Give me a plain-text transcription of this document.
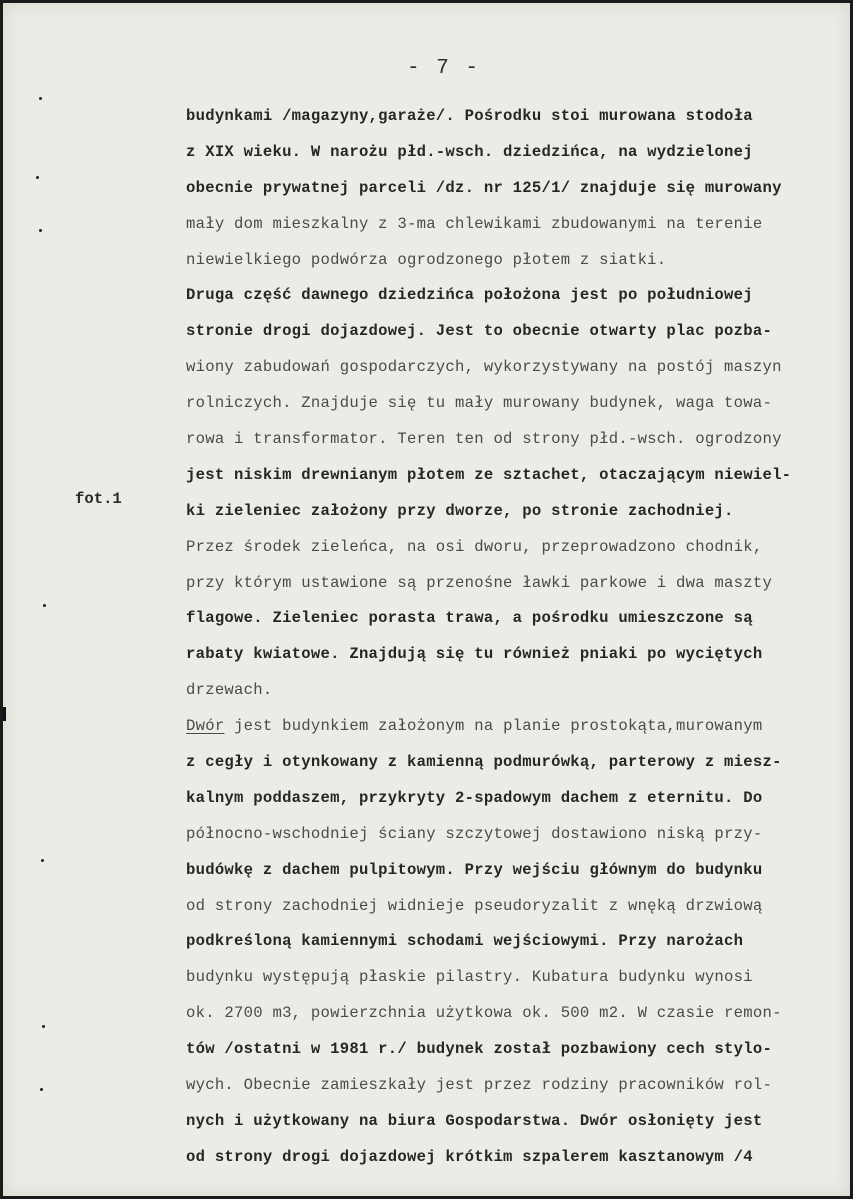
- 7 -
fot.1
budynkami /magazyny,garaże/. Pośrodku stoi murowana stodoła
z XIX wieku. W narożu płd.-wsch. dziedzińca, na wydzielonej
obecnie prywatnej parceli /dz. nr 125/1/ znajduje się murowany
mały dom mieszkalny z 3-ma chlewikami zbudowanymi na terenie
niewielkiego podwórza ogrodzonego płotem z siatki.
Druga część dawnego dziedzińca położona jest po południowej
stronie drogi dojazdowej. Jest to obecnie otwarty plac pozba-
wiony zabudowań gospodarczych, wykorzystywany na postój maszyn
rolniczych. Znajduje się tu mały murowany budynek, waga towa-
rowa i transformator. Teren ten od strony płd.-wsch. ogrodzony
jest niskim drewnianym płotem ze sztachet, otaczającym niewiel-
ki zieleniec założony przy dworze, po stronie zachodniej.
Przez środek zieleńca, na osi dworu, przeprowadzono chodnik,
przy którym ustawione są przenośne ławki parkowe i dwa maszty
flagowe. Zieleniec porasta trawa, a pośrodku umieszczone są
rabaty kwiatowe. Znajdują się tu również pniaki po wyciętych
drzewach.
Dwór jest budynkiem założonym na planie prostokąta,murowanym
z cegły i otynkowany z kamienną podmurówką, parterowy z miesz-
kalnym poddaszem, przykryty 2-spadowym dachem z eternitu. Do
północno-wschodniej ściany szczytowej dostawiono niską przy-
budówkę z dachem pulpitowym. Przy wejściu głównym do budynku
od strony zachodniej widnieje pseudoryzalit z wnęką drzwiową
podkreśloną kamiennymi schodami wejściowymi. Przy narożach
budynku występują płaskie pilastry. Kubatura budynku wynosi
ok. 2700 m3, powierzchnia użytkowa ok. 500 m2. W czasie remon-
tów /ostatni w 1981 r./ budynek został pozbawiony cech stylo-
wych. Obecnie zamieszkały jest przez rodziny pracowników rol-
nych i użytkowany na biura Gospodarstwa. Dwór osłonięty jest
od strony drogi dojazdowej krótkim szpalerem kasztanowym /4
